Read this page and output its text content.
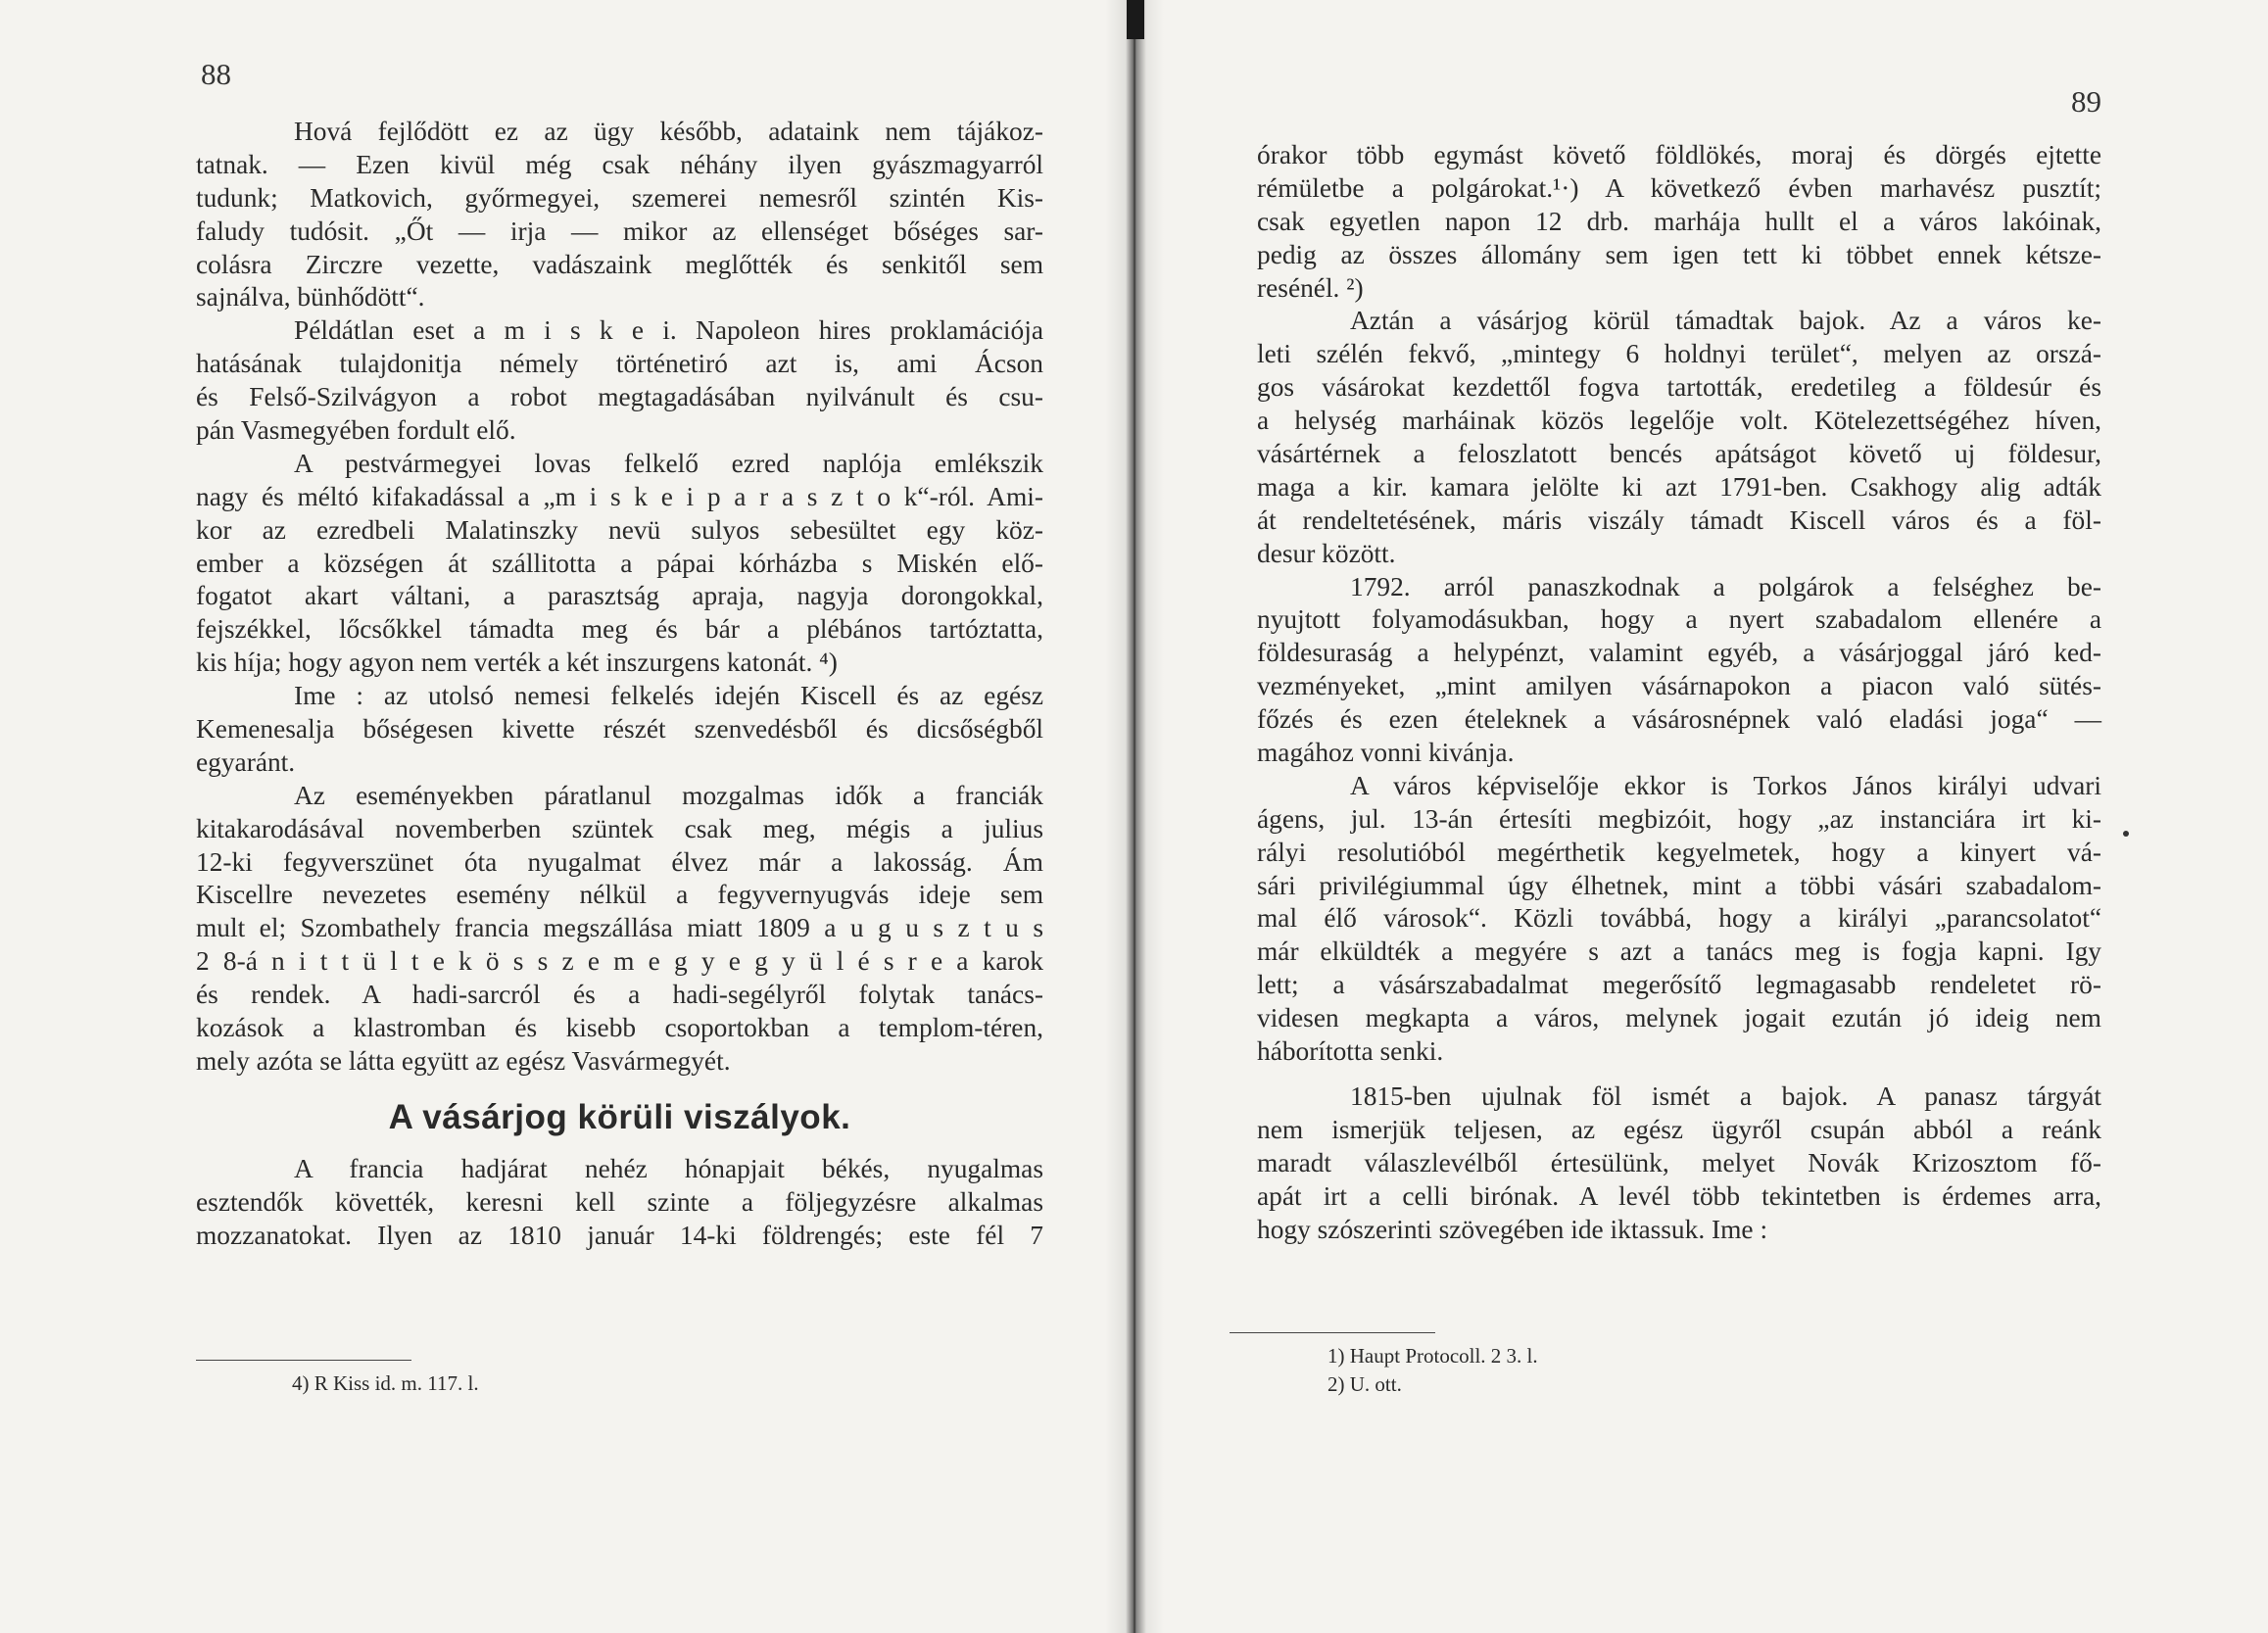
88
Hová fejlődött ez az ügy később, adataink nem tájákoz-
tatnak. — Ezen kivül még csak néhány ilyen gyászmagyarról
tudunk; Matkovich, győrmegyei, szemerei nemesről szintén Kis-
faludy tudósit. „Őt — irja — mikor az ellenséget bőséges sar-
colásra Zirczre vezette, vadászaink meglőtték és senkitől sem
sajnálva, bünhődött“.
Példátlan eset a m i s k e i. Napoleon hires proklamációja
hatásának tulajdonitja némely történetiró azt is, ami Ácson
és Felső-Szilvágyon a robot megtagadásában nyilvánult és csu-
pán Vasmegyében fordult elő.
A pestvármegyei lovas felkelő ezred naplója emlékszik
nagy és méltó kifakadással a „m i s k e i p a r a s z t o k“-ról. Ami-
kor az ezredbeli Malatinszky nevü sulyos sebesültet egy köz-
ember a községen át szállitotta a pápai kórházba s Miskén elő-
fogatot akart váltani, a parasztság apraja, nagyja dorongokkal,
fejszékkel, lőcsőkkel támadta meg és bár a plébános tartóztatta,
kis híja; hogy agyon nem verték a két inszurgens katonát. ⁴)
Ime : az utolsó nemesi felkelés idején Kiscell és az egész
Kemenesalja bőségesen kivette részét szenvedésből és dicsőségből
egyaránt.
Az eseményekben páratlanul mozgalmas idők a franciák
kitakarodásával novemberben szüntek csak meg, mégis a julius
12-ki fegyverszünet óta nyugalmat élvez már a lakosság. Ám
Kiscellre nevezetes esemény nélkül a fegyvernyugvás ideje sem
mult el; Szombathely francia megszállása miatt 1809 a u g u s z t u s
2 8-á n i t t ü l t e k ö s s z e m e g y e g y ü l é s r e a karok
és rendek. A hadi-sarcról és a hadi-segélyről folytak tanács-
kozások a klastromban és kisebb csoportokban a templom-téren,
mely azóta se látta együtt az egész Vasvármegyét.
A vásárjog körüli viszályok.
A francia hadjárat nehéz hónapjait békés, nyugalmas
esztendők követték, keresni kell szinte a följegyzésre alkalmas
mozzanatokat. Ilyen az 1810 január 14-ki földrengés; este fél 7
4) R Kiss id. m. 117. l.
89
órakor több egymást követő földlökés, moraj és dörgés ejtette
rémületbe a polgárokat.¹·) A következő évben marhavész pusztít;
csak egyetlen napon 12 drb. marhája hullt el a város lakóinak,
pedig az összes állomány sem igen tett ki többet ennek kétsze-
resénél. ²)
Aztán a vásárjog körül támadtak bajok. Az a város ke-
leti szélén fekvő, „mintegy 6 holdnyi terület“, melyen az orszá-
gos vásárokat kezdettől fogva tartották, eredetileg a földesúr és
a helység marháinak közös legelője volt. Kötelezettségéhez híven,
vásártérnek a feloszlatott bencés apátságot követő uj földesur,
maga a kir. kamara jelölte ki azt 1791-ben. Csakhogy alig adták
át rendeltetésének, máris viszály támadt Kiscell város és a föl-
desur között.
1792. arról panaszkodnak a polgárok a felséghez be-
nyujtott folyamodásukban, hogy a nyert szabadalom ellenére a
földesuraság a helypénzt, valamint egyéb, a vásárjoggal járó ked-
vezményeket, „mint amilyen vásárnapokon a piacon való sütés-
főzés és ezen ételeknek a vásárosnépnek való eladási joga“ —
magához vonni kivánja.
A város képviselője ekkor is Torkos János királyi udvari
ágens, jul. 13-án értesíti megbizóit, hogy „az instanciára irt ki-
rályi resolutióból megérthetik kegyelmetek, hogy a kinyert vá-
sári privilégiummal úgy élhetnek, mint a többi vásári szabadalom-
mal élő városok“. Közli továbbá, hogy a királyi „parancsolatot“
már elküldték a megyére s azt a tanács meg is fogja kapni. Igy
lett; a vásárszabadalmat megerősítő legmagasabb rendeletet rö-
videsen megkapta a város, melynek jogait ezután jó ideig nem
háborította senki.
1815-ben ujulnak föl ismét a bajok. A panasz tárgyát
nem ismerjük teljesen, az egész ügyről csupán abból a reánk
maradt válaszlevélből értesülünk, melyet Novák Krizosztom fő-
apát irt a celli birónak. A levél több tekintetben is érdemes arra,
hogy szószerinti szövegében ide iktassuk. Ime :
1) Haupt Protocoll. 2 3. l.
2) U. ott.
